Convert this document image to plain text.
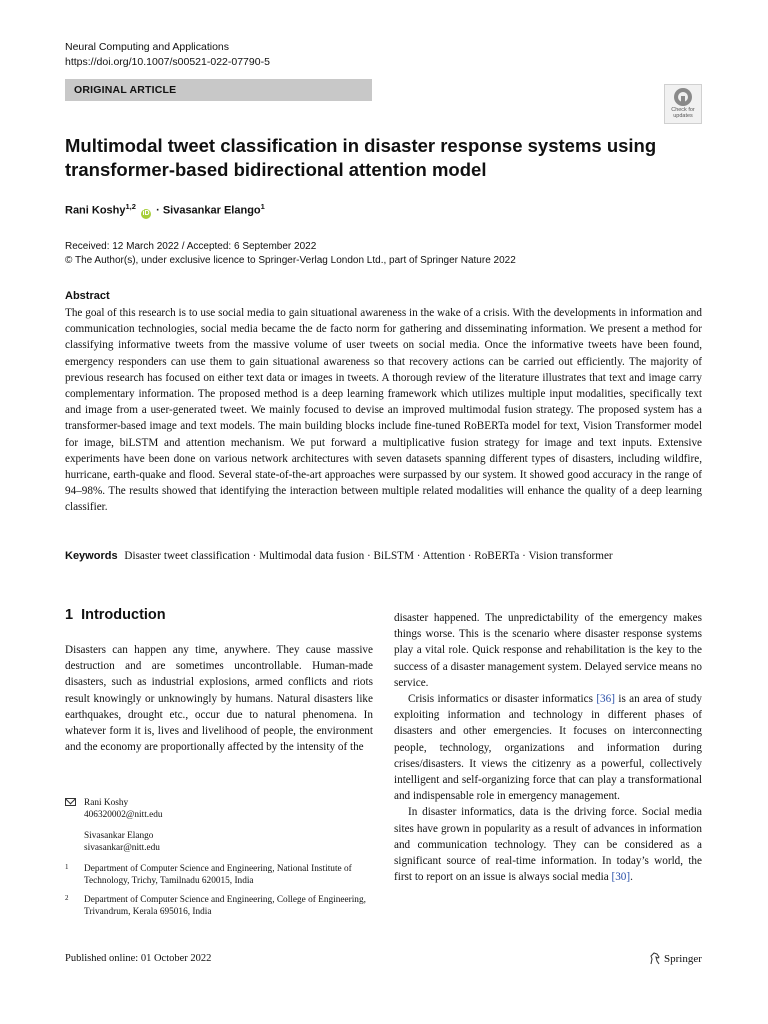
Neural Computing and Applications
https://doi.org/10.1007/s00521-022-07790-5
ORIGINAL ARTICLE
Check for
updates
Multimodal tweet classification in disaster response systems using transformer-based bidirectional attention model
Rani Koshy$^{1,2}$ iD · Sivasankar Elango$^1$
Received: 12 March 2022 / Accepted: 6 September 2022
© The Author(s), under exclusive licence to Springer-Verlag London Ltd., part of Springer Nature 2022
Abstract

The goal of this research is to use social media to gain situational awareness in the wake of a crisis. With the developments in information and communication technologies, social media became the de facto norm for gathering and disseminating information. We present a method for classifying informative tweets from the massive volume of user tweets on social media. Once the informative tweets have been found, emergency responders can use them to gain situational awareness so that recovery actions can be carried out efficiently. The majority of previous research has focused on either text data or images in tweets. A thorough review of the literature illustrates that text and image carry complementary information. The proposed method is a deep learning framework which utilizes multiple input modalities, specifically text and image from a user-generated tweet. We mainly focused to devise an improved multimodal fusion strategy. The proposed system has a transformer-based image and text models. The main building blocks include fine-tuned RoBERTa model for text, Vision Transformer model for image, biLSTM and attention mechanism. We put forward a multiplicative fusion strategy for image and text inputs. Extensive experiments have been done on various network architectures with seven datasets spanning different types of disasters, including wildfire, hurricane, earth-quake and flood. Several state-of-the-art approaches were surpassed by our system. It showed good accuracy in the range of 94–98%. The results showed that identifying the interaction between multiple related modalities will enhance the quality of a deep learning classifier.

Keywords Disaster tweet classification · Multimodal data fusion · BiLSTM · Attention · RoBERTa · Vision transformer
1 Introduction

Disasters can happen any time, anywhere. They cause massive destruction and are sometimes uncontrollable. Human-made disasters, such as industrial explosions, armed conflicts and riots result knowingly or unknowingly by humans. Natural disasters like earthquakes, drought etc., occur due to natural phenomena. In whatever form it is, lives and livelihood of people, the environment and the economy are proportionally affected by the intensity of the

disaster happened. The unpredictability of the emergency makes things worse. This is the scenario where disaster response systems play a vital role. Quick response and rehabilitation is the key to the success of a disaster management system. Delayed service means no service.

Crisis informatics or disaster informatics [36] is an area of study exploiting information and technology in different phases of disasters and other emergencies. It focuses on interconnecting people, technology, organizations and information during crises/disasters. It views the citizenry as a powerful, collectively intelligent and self-organizing force that can play a transformational and indispensable role in emergency management.

In disaster informatics, data is the driving force. Social media sites have grown in popularity as a result of advances in information and communication technology. They can be considered as a significant source of real-time information. In today’s world, the first to report on an issue is always social media [30].

Rani Koshy
406320002@nitt.edu
Sivasankar Elango
sivasankar@nitt.edu
1	Department of Computer Science and Engineering, National Institute of Technology, Trichy, Tamilnadu 620015, India
2	Department of Computer Science and Engineering, College of Engineering, Trivandrum, Kerala 695016, India
Published online: 01 October 2022	Springer
